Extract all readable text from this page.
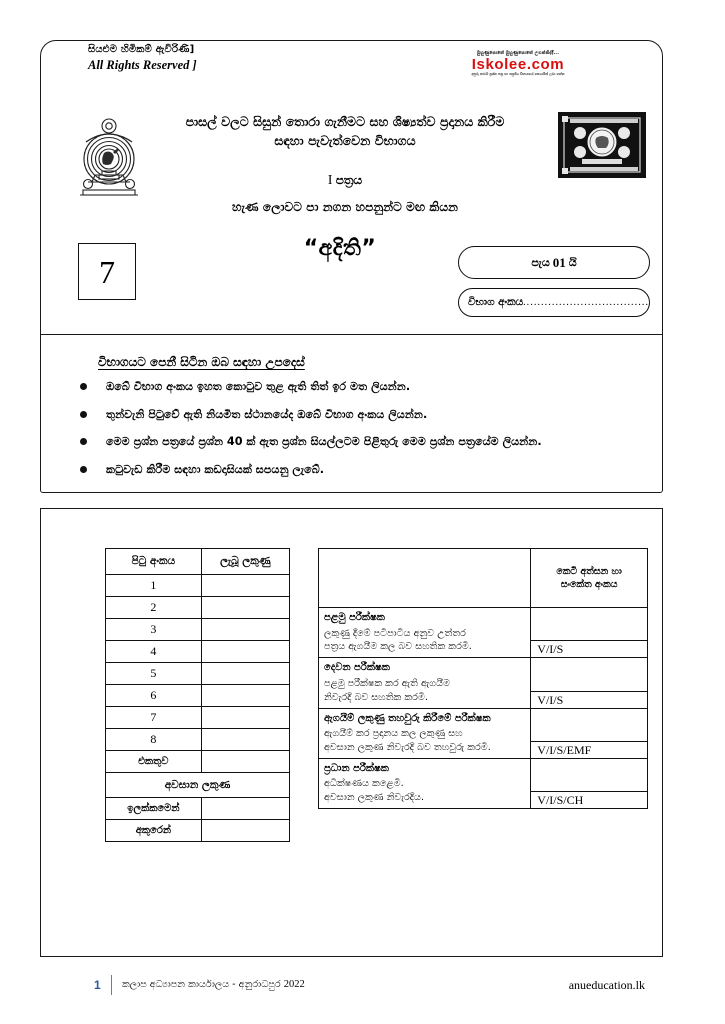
සියළුම හිමිකම් ඇවිරිණි]
All Rights Reserved ]
මුහුණුපොතේ මුහුණුපොතේ උගන්නිද්දී...
Iskolee.com
අපුරු පාඩම් ප්‍රශ්න පත්‍ර හා පසුගිය විභාගයේ සොයමින් ලබා ගන්න
පාසල් වලට සිසුන් තොරා ගැනීමට සහ ශිෂ්‍යත්ව ප්‍රදානය කිරීම
සඳහා පැවැත්වෙන විභාගය
I පත්‍රය
හැණ ලොවට පා නගන හපනුන්ට මඟ කියන
“අදිති”
7	පැය 01 යි
විභාග අංකය ...................................
විභාගයට පෙනී සිටින ඔබ සඳහා උපදෙස්
ඔබේ විභාග අංකය ඉහත කොටුව තුළ ඇති තිත් ඉර මත ලියන්න.
තුන්වැනි පිටුවේ ඇති නියමිත ස්ථානයේද ඔබේ විභාග අංකය ලියන්න.
මෙම ප්‍රශ්න පත්‍රයේ ප්‍රශ්න 40 ක් ඇත ප්‍රශ්න සියල්ලටම පිළිතුරු මෙම ප්‍රශ්න පත්‍රයේම ලියන්න.
කටුවැඩ කිරීම සඳහා කඩදාසියක් සපයනු ලැබේ.
පිටු අංකය	ලැබූ ලකුණු
1	
2	
3	
4	
5	
6	
7	
8	
එකතුව	
අවසාන ලකුණ	
ඉලක්කමෙන්	
අකුරෙන්	

	කෙටි අත්සන හා
සංකේත අංකය

පළමු පරීක්ෂක
ලකුණු දීමේ පටිපාටිය අනුව උත්තර
පත්‍රය ඇගයීම කල බව සහතික කරමි.	V/I/S

දෙවන පරීක්ෂක
පළමු පරීක්ෂක කර ඇති ඇගයීම
නිවැරදි බව සහතික කරමි.	V/I/S

ඇගයීම් ලකුණු තහවුරු කිරීමේ පරීක්ෂක
ඇගයීම් කර ප්‍රදානය කල ලකුණු සහ
අවසාන ලකුණ නිවැරදි බව තහවුරු කරමි.	V/I/S/EMF

ප්‍රධාන පරීක්ෂක
අධීක්ෂණය කළෙමි.
අවසාන ලකුණ නිවැරදිය.	V/I/S/CH
1 කලාප අධ්‍යාපන කාර්යාලය - අනුරාධපුර 2022	anueducation.lk
